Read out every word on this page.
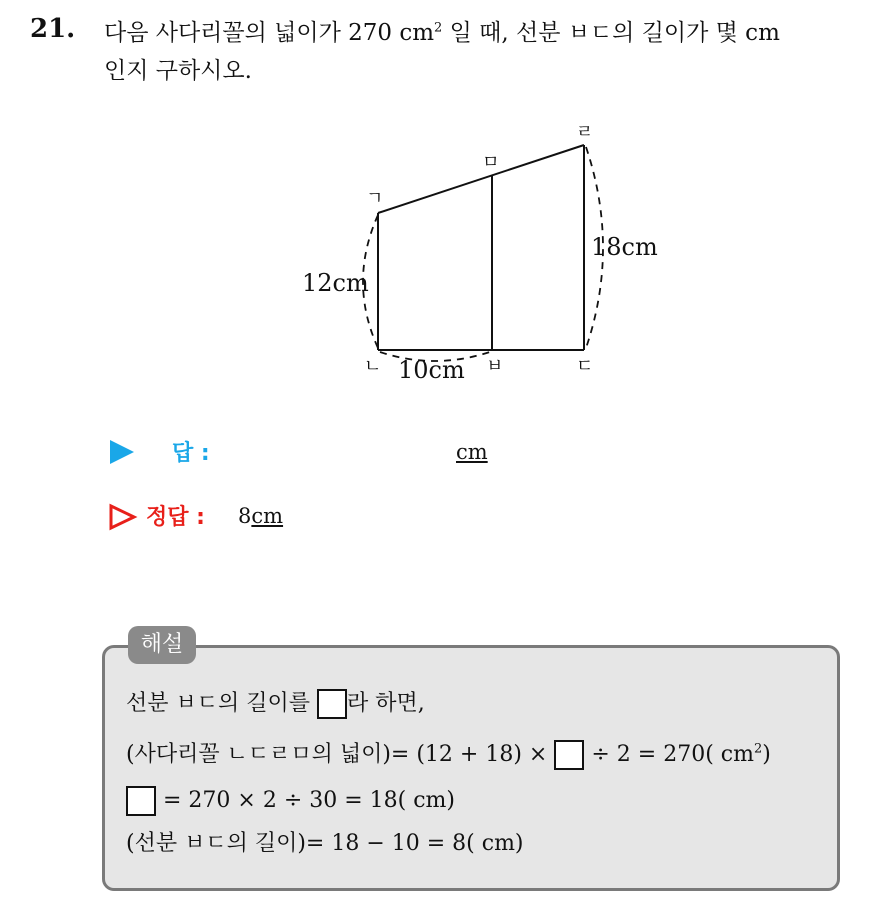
21. 다음 사다리꼴의 넓이가 270 $cm^2$ 일 때, 선분 ㅂㄷ의 길이가 몇 cm
인지 구하시오.
ㄱ
ㅁ
ㄹ
ㄴ	ㅂ	ㄷ
12cm
18cm
10cm
답 :	cm
정답 : 8cm
해설
선분 ㅂㄷ의 길이를 라 하면,
(사다리꼴 ㄴㄷㄹㅁ의 넓이)= (12 + 18) × ÷ 2 = 270( $cm^2$)
= 270 × 2 ÷ 30 = 18( cm)
(선분 ㅂㄷ의 길이)= 18 − 10 = 8( cm)
